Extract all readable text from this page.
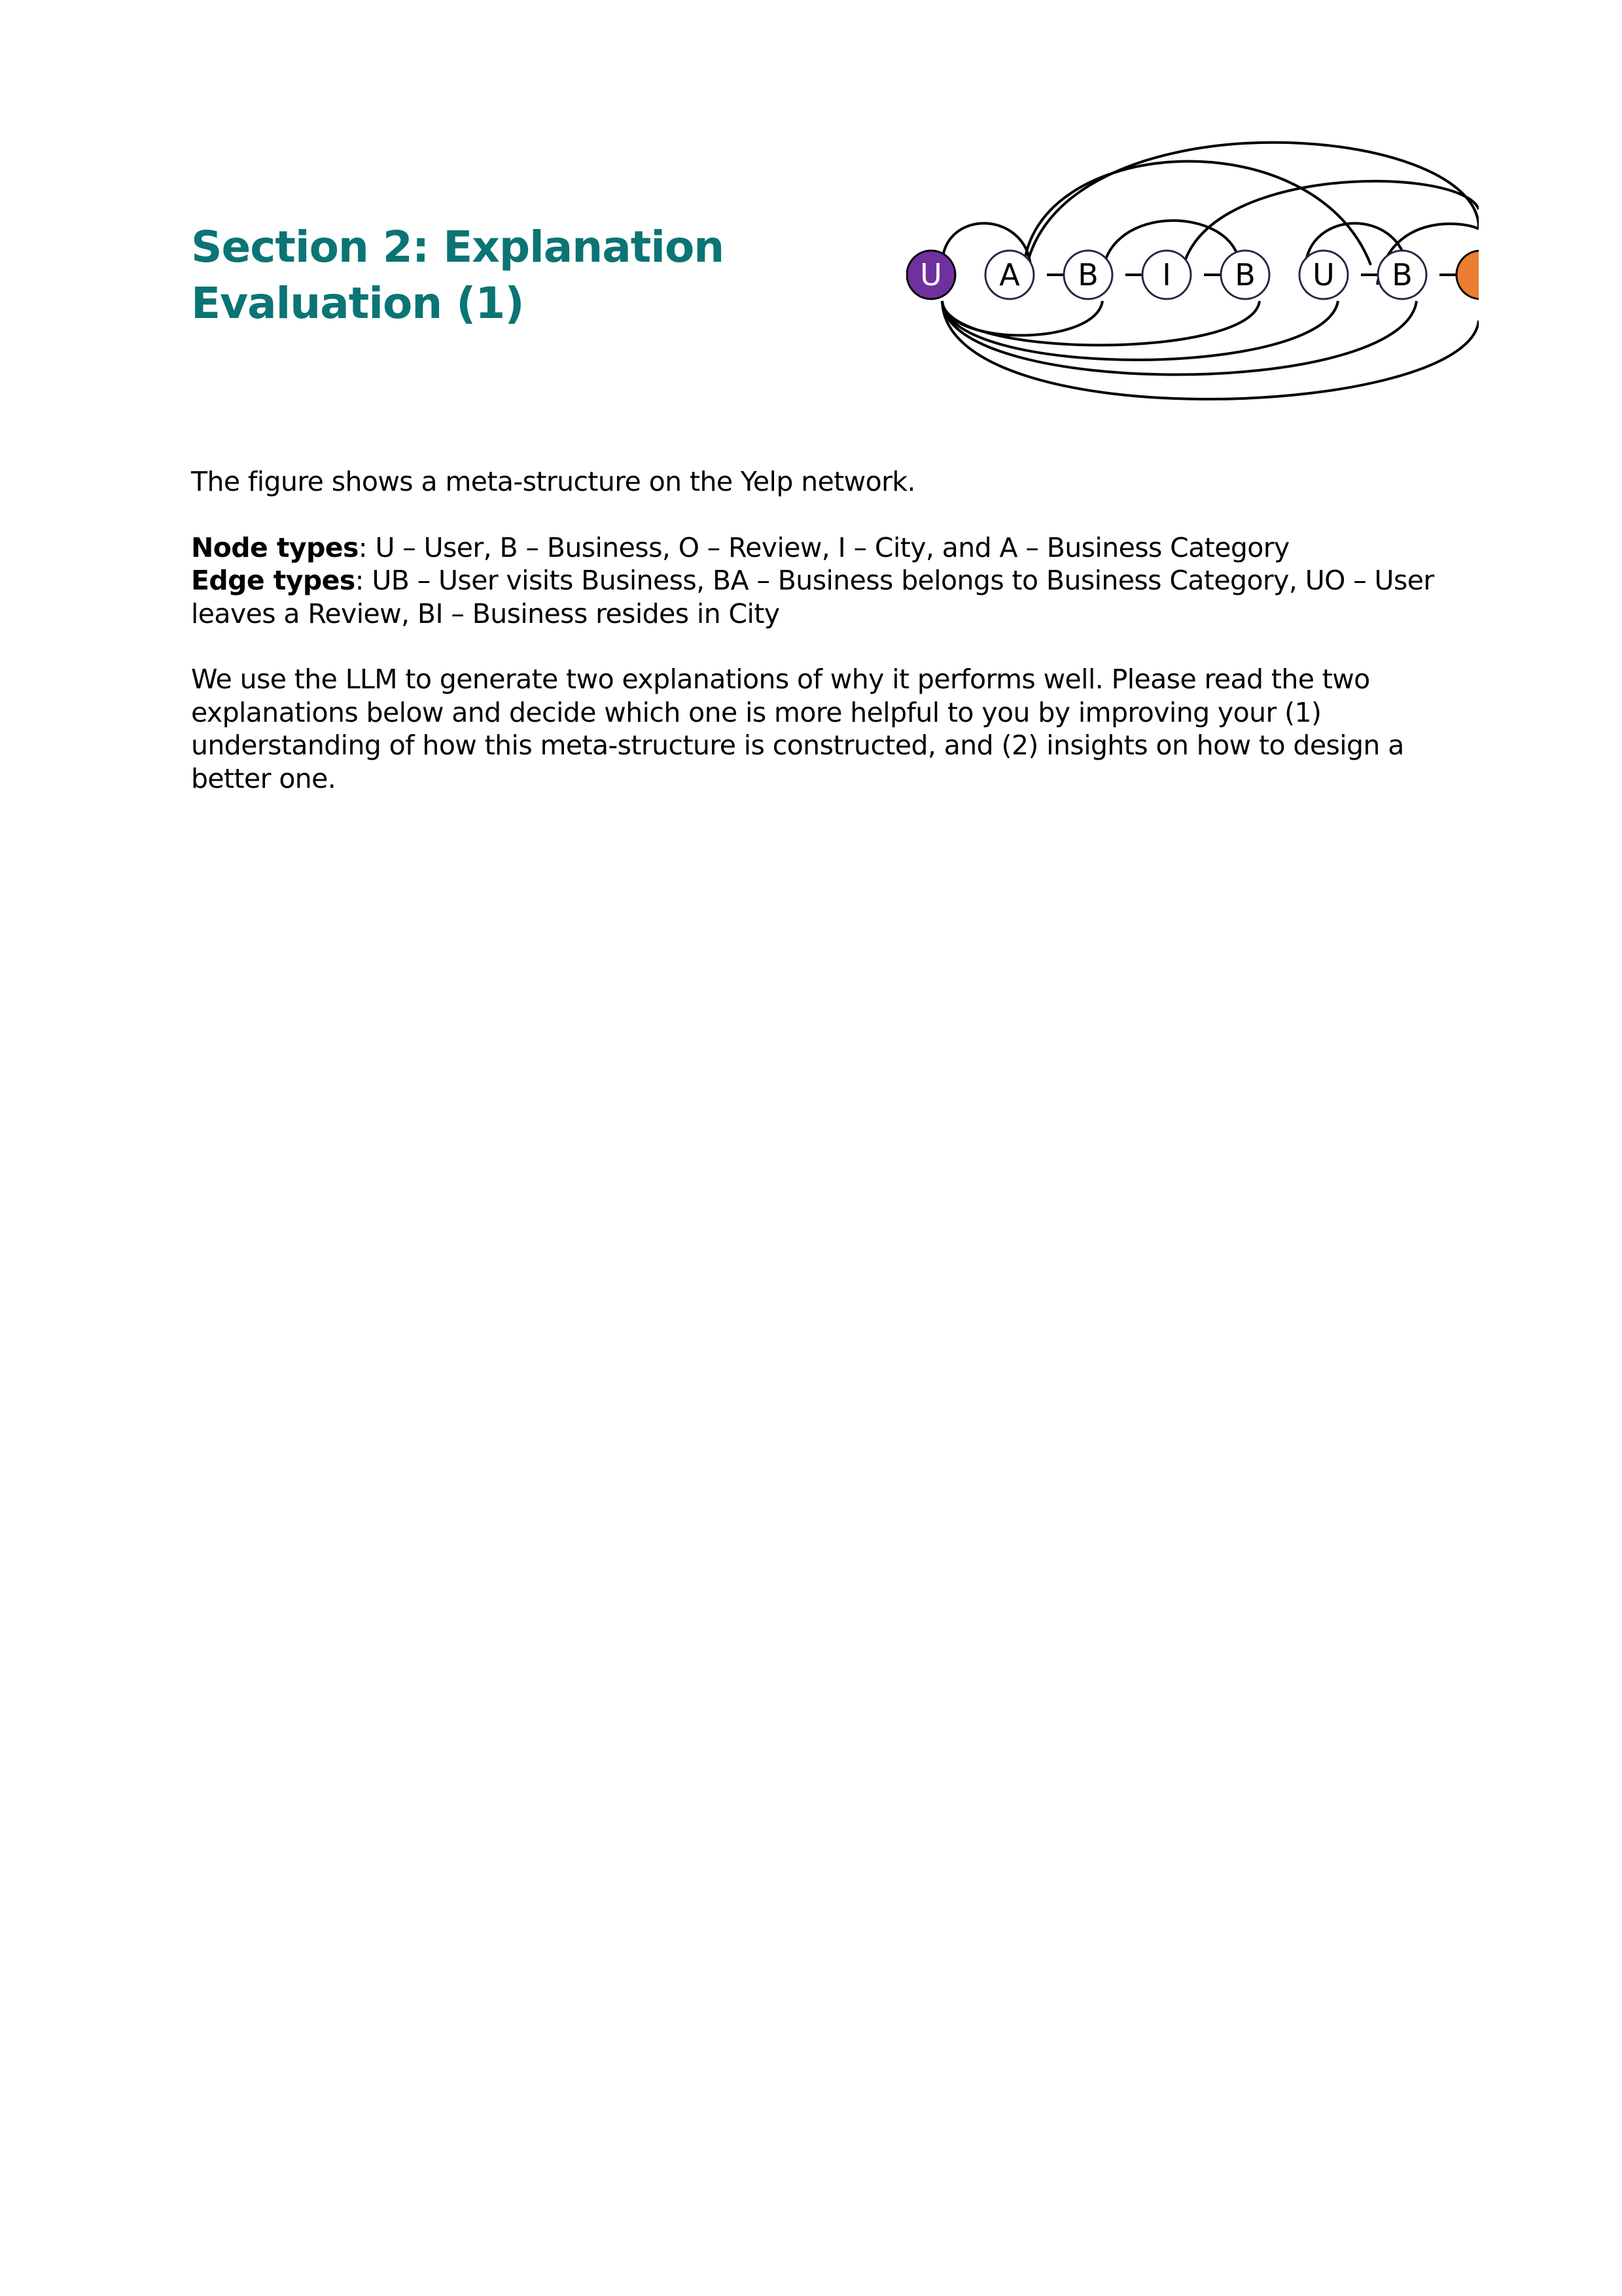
Section 2: Explanation
Evaluation (1)
U A B I B U B

The figure shows a meta-structure on the Yelp network.

Node types: U – User, B – Business, O – Review, I – City, and A – Business Category

Edge types: UB – User visits Business, BA – Business belongs to Business Category, UO – User leaves a Review, BI – Business resides in City

We use the LLM to generate two explanations of why it performs well. Please read the two explanations below and decide which one is more helpful to you by improving your (1) understanding of how this meta-structure is constructed, and (2) insights on how to design a better one.
